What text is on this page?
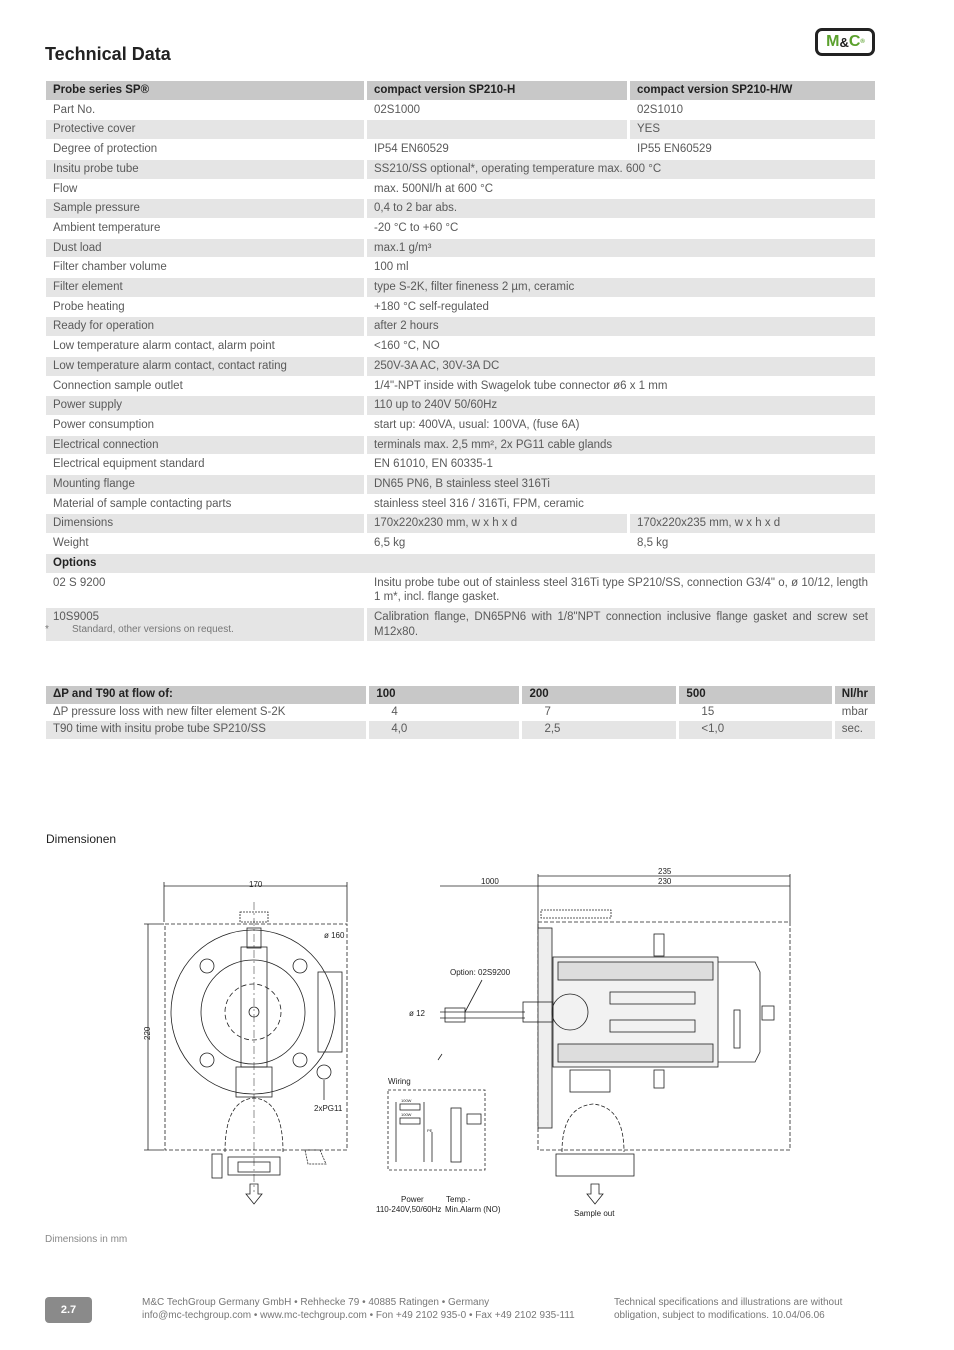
Technical Data
M & C ®
Probe series SP®	compact version SP210-H	compact version SP210-H/W
Part No.	02S1000	02S1010
Protective cover		YES
Degree of protection	IP54 EN60529	IP55 EN60529
Insitu probe tube	SS210/SS optional*, operating temperature max. 600 °C	
Flow	max. 500Nl/h at 600 °C	
Sample pressure	0,4 to 2 bar abs.	
Ambient temperature	-20 °C to +60 °C	
Dust load	max.1 g/m³	
Filter chamber volume	100 ml	
Filter element	type S-2K, filter fineness 2 µm, ceramic	
Probe heating	+180 °C self-regulated	
Ready for operation	after 2 hours	
Low temperature alarm contact, alarm point	<160 °C, NO	
Low temperature alarm contact, contact rating	250V-3A AC, 30V-3A DC	
Connection sample outlet	1/4"-NPT inside with Swagelok tube connector ø6 x 1 mm	
Power supply	110 up to 240V 50/60Hz	
Power consumption	start up: 400VA, usual: 100VA, (fuse 6A)	
Electrical connection	terminals max. 2,5 mm², 2x PG11 cable glands	
Electrical equipment standard	EN 61010, EN 60335-1	
Mounting flange	DN65 PN6, B stainless steel 316Ti	
Material of sample contacting parts	stainless steel 316 / 316Ti, FPM, ceramic	
Dimensions	170x220x230 mm, w x h x d	170x220x235 mm, w x h x d
Weight	6,5 kg	8,5 kg
Options		
02 S 9200	Insitu probe tube out of stainless steel 316Ti type SP210/SS, connection G3/4" o, ø 10/12, length 1 m*, incl. flange gasket.	
10S9005	Calibration flange, DN65PN6 with 1/8"NPT connection inclusive flange gasket and screw set M12x80.	
* Standard, other versions on request.
ΔP and T90 at flow of:	100	200	500	Nl/hr
ΔP pressure loss with new filter element S-2K	4	7	15	mbar
T90 time with insitu probe tube SP210/SS	4,0	2,5	<1,0	sec.
Dimensionen
170
220
ø 160
2xPG11
235
230
1000
Option: 02S9200
ø 12
Wiring
100W
100W
PE
Power
110-240V,50/60Hz
Temp.-
Min.Alarm (NO)	Sample out
Dimensions in mm
2.7
M&C TechGroup Germany GmbH • Rehhecke 79 • 40885 Ratingen • Germany
info@mc-techgroup.com • www.mc-techgroup.com • Fon +49 2102 935-0 • Fax +49 2102 935-111
Technical specifications and illustrations are without
obligation, subject to modifications. 10.04/06.06
